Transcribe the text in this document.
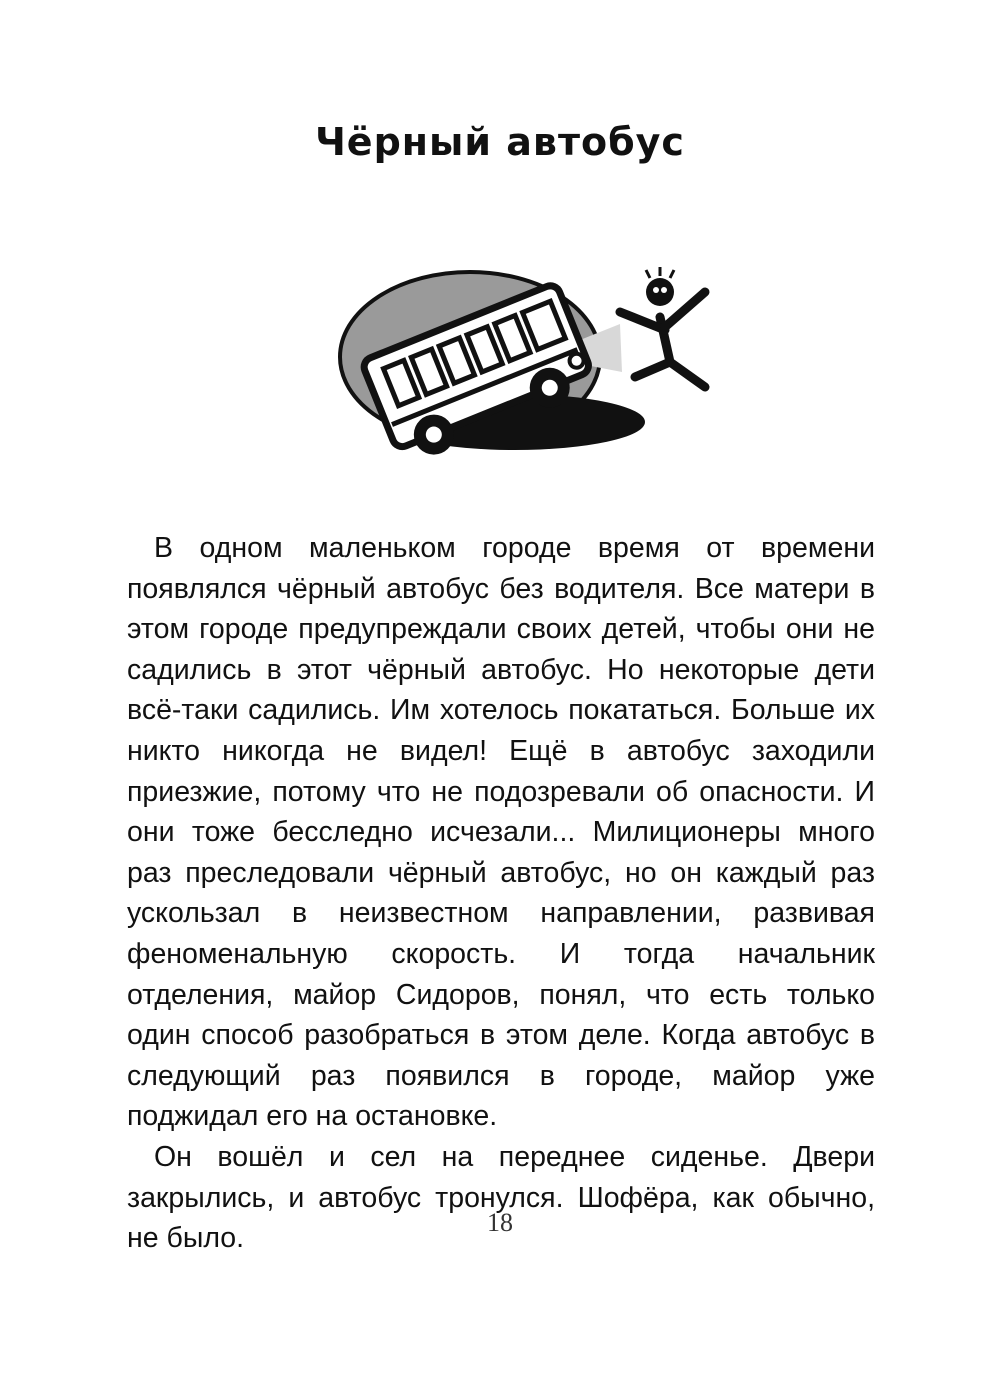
Чёрный автобус

В одном маленьком городе время от времени появлялся чёрный автобус без водителя. Все матери в этом городе предупреждали своих детей, чтобы они не садились в этот чёрный автобус. Но некоторые дети всё-таки садились. Им хотелось покататься. Больше их никто никогда не видел! Ещё в автобус заходили приезжие, потому что не подозревали об опасности. И они тоже бесследно исчезали... Милиционеры много раз преследовали чёрный автобус, но он каждый раз ускользал в неизвестном направлении, развивая феноменальную скорость. И тогда начальник отделения, майор Сидоров, понял, что есть только один способ разобраться в этом деле. Когда автобус в следующий раз появился в городе, майор уже поджидал его на остановке.

Он вошёл и сел на переднее сиденье. Двери закрылись, и автобус тронулся. Шофёра, как обычно, не было.	18
